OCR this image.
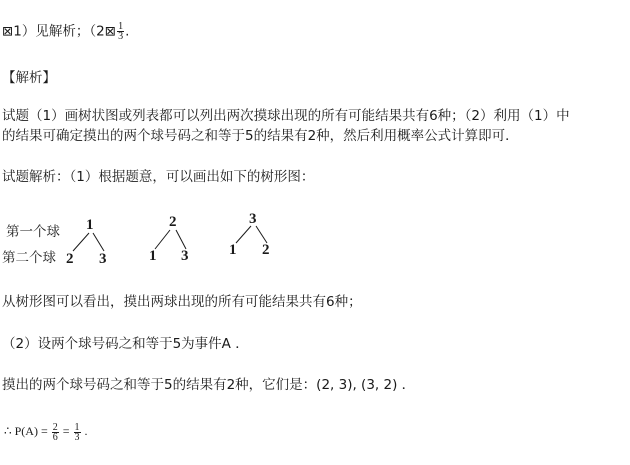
⊠1）见解析；（2⊠ $\frac{1}{3}$ .
【解析】
试题（1）画树状图或列表都可以列出两次摸球出现的所有可能结果共有6种；（2）利用（1）中
的结果可确定摸出的两个球号码之和等于5的结果有2种，然后利用概率公式计算即可．
试题解析：（1）根据题意，可以画出如下的树形图：
第一个球
第二个球
1
2 3
2
1 3
3
1 2
从树形图可以看出，摸出两球出现的所有可能结果共有6种；
（2）设两个球号码之和等于5为事件A ．
摸出的两个球号码之和等于5的结果有2种，它们是：(2, 3), (3, 2) ．
∴ $P(A) = \frac{2}{6} = \frac{1}{3}$ .
